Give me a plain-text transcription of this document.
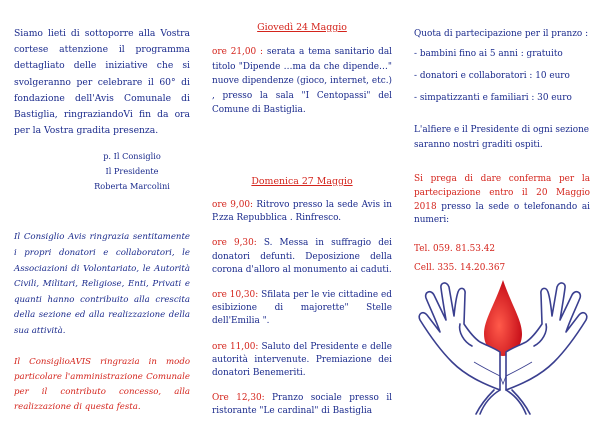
Siamo lieti di sottoporre alla Vostra cortese attenzione il programma dettagliato delle iniziative che si svolgeranno per celebrare il 60° di fondazione dell'Avis Comunale di Bastiglia, ringraziandoVi fin da ora per la Vostra gradita presenza.

p. Il Consiglio
Il Presidente
Roberta Marcolini

Il Consiglio Avis ringrazia sentitamente i propri donatori e collaboratori, le Associazioni di Volontariato, le Autorità Civili, Militari, Religiose, Enti, Privati e quanti hanno contribuito alla crescita della sezione ed alla realizzazione della sua attività.

Il ConsiglioAVIS ringrazia in modo particolare l'amministrazione Comunale per il contributo concesso, alla realizzazione di questa festa.

Giovedì 24 Maggio

ore 21,00 : serata a tema sanitario dal titolo "Dipende …ma da che dipende…" nuove dipendenze (gioco, internet, etc.) , presso la sala "I Centopassi" del Comune di Bastiglia.

Domenica 27 Maggio

ore 9,00: Ritrovo presso la sede Avis in P.zza Repubblica . Rinfresco.

ore 9,30: S. Messa in suffragio dei donatori defunti. Deposizione della corona d'alloro al monumento ai caduti.

ore 10,30: Sfilata per le vie cittadine ed esibizione di majorette" Stelle dell'Emilia ".

ore 11,00: Saluto del Presidente e delle autorità intervenute. Premiazione dei donatori Benemeriti.

Ore 12,30: Pranzo sociale presso il ristorante "Le cardinal" di Bastiglia

Quota di partecipazione per il pranzo :
- bambini fino ai 5 anni : gratuito
- donatori e collaboratori : 10 euro
- simpatizzanti e familiari : 30 euro

L'alfiere e il Presidente di ogni sezione saranno nostri graditi ospiti.

Si prega di dare conferma per la partecipazione entro il 20 Maggio 2018 presso la sede o telefonando ai numeri:

Tel. 059. 81.53.42
Cell. 335. 14.20.367
